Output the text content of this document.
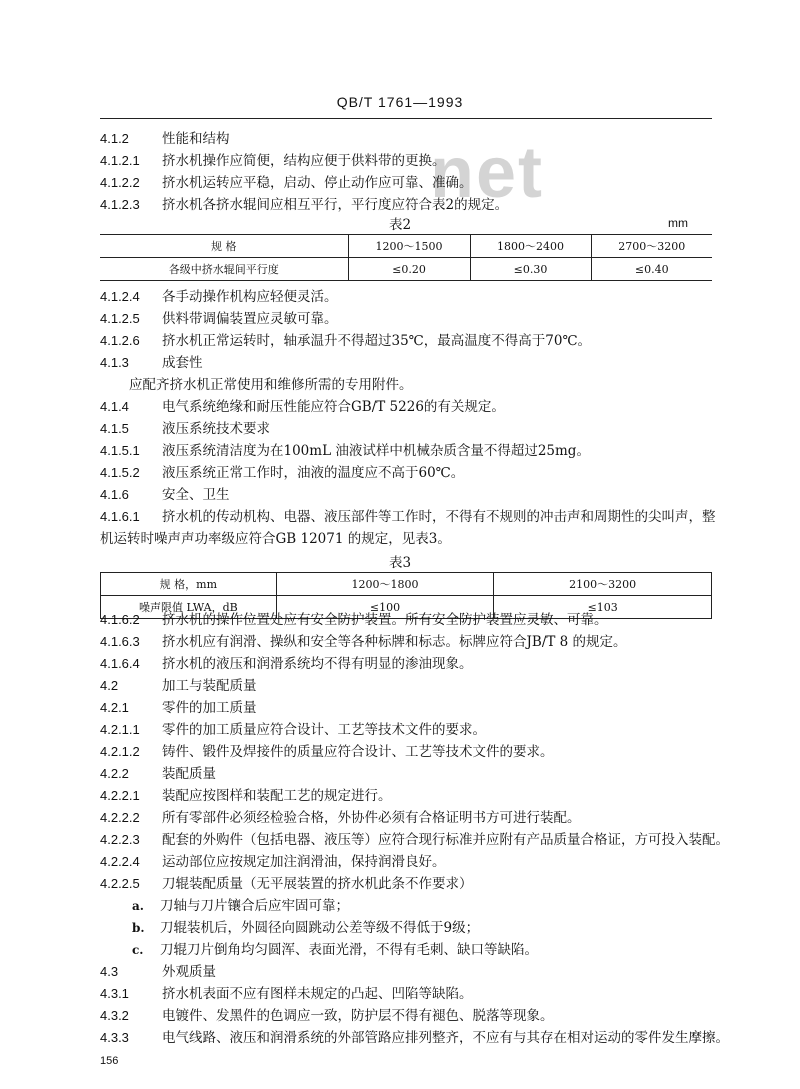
net
QB/T 1761—1993
4.1.2 性能和结构
4.1.2.1 挤水机操作应简便，结构应便于供料带的更换。
4.1.2.2 挤水机运转应平稳，启动、停止动作应可靠、准确。
4.1.2.3 挤水机各挤水辊间应相互平行，平行度应符合表2的规定。
表2	mm
规 格	1200～1500	1800～2400	2700～3200
各级中挤水辊间平行度	≤0.20	≤0.30	≤0.40
4.1.2.4 各手动操作机构应轻便灵活。
4.1.2.5 供料带调偏装置应灵敏可靠。
4.1.2.6 挤水机正常运转时，轴承温升不得超过35℃，最高温度不得高于70℃。
4.1.3 成套性
应配齐挤水机正常使用和维修所需的专用附件。
4.1.4 电气系统绝缘和耐压性能应符合GB/T 5226的有关规定。
4.1.5 液压系统技术要求
4.1.5.1 液压系统清洁度为在100mL 油液试样中机械杂质含量不得超过25mg。
4.1.5.2 液压系统正常工作时，油液的温度应不高于60℃。
4.1.6 安全、卫生
4.1.6.1 挤水机的传动机构、电器、液压部件等工作时，不得有不规则的冲击声和周期性的尖叫声，整
机运转时噪声声功率级应符合GB 12071 的规定，见表3。
表3
规 格，mm	1200～1800	2100～3200
噪声限值 LWA，dB	≤100	≤103
4.1.6.2 挤水机的操作位置处应有安全防护装置。所有安全防护装置应灵敏、可靠。
4.1.6.3 挤水机应有润滑、操纵和安全等各种标牌和标志。标牌应符合JB/T 8 的规定。
4.1.6.4 挤水机的液压和润滑系统均不得有明显的渗油现象。
4.2	加工与装配质量
4.2.1 零件的加工质量
4.2.1.1 零件的加工质量应符合设计、工艺等技术文件的要求。
4.2.1.2 铸件、锻件及焊接件的质量应符合设计、工艺等技术文件的要求。
4.2.2 装配质量
4.2.2.1 装配应按图样和装配工艺的规定进行。
4.2.2.2 所有零部件必须经检验合格，外协件必须有合格证明书方可进行装配。
4.2.2.3 配套的外购件（包括电器、液压等）应符合现行标准并应附有产品质量合格证，方可投入装配。
4.2.2.4 运动部位应按规定加注润滑油，保持润滑良好。
4.2.2.5 刀辊装配质量（无平展装置的挤水机此条不作要求）
a. 刀轴与刀片镶合后应牢固可靠；
b. 刀辊装机后，外圆径向圆跳动公差等级不得低于9级；
c. 刀辊刀片倒角均匀圆浑、表面光滑，不得有毛刺、缺口等缺陷。
4.3	外观质量
4.3.1 挤水机表面不应有图样未规定的凸起、凹陷等缺陷。
4.3.2 电镀件、发黑件的色调应一致，防护层不得有褪色、脱落等现象。
4.3.3 电气线路、液压和润滑系统的外部管路应排列整齐，不应有与其存在相对运动的零件发生摩擦。
156
